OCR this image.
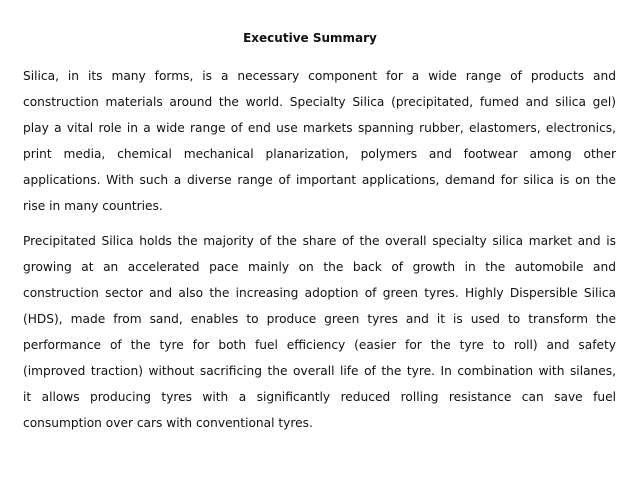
Executive Summary
Silica, in its many forms, is a necessary component for a wide range of products and
construction materials around the world. Specialty Silica (precipitated, fumed and silica gel)
play a vital role in a wide range of end use markets spanning rubber, elastomers, electronics,
print media, chemical mechanical planarization, polymers and footwear among other
applications. With such a diverse range of important applications, demand for silica is on the
rise in many countries.
Precipitated Silica holds the majority of the share of the overall specialty silica market and is
growing at an accelerated pace mainly on the back of growth in the automobile and
construction sector and also the increasing adoption of green tyres. Highly Dispersible Silica
(HDS), made from sand, enables to produce green tyres and it is used to transform the
performance of the tyre for both fuel efficiency (easier for the tyre to roll) and safety
(improved traction) without sacrificing the overall life of the tyre. In combination with silanes,
it allows producing tyres with a significantly reduced rolling resistance can save fuel
consumption over cars with conventional tyres.
